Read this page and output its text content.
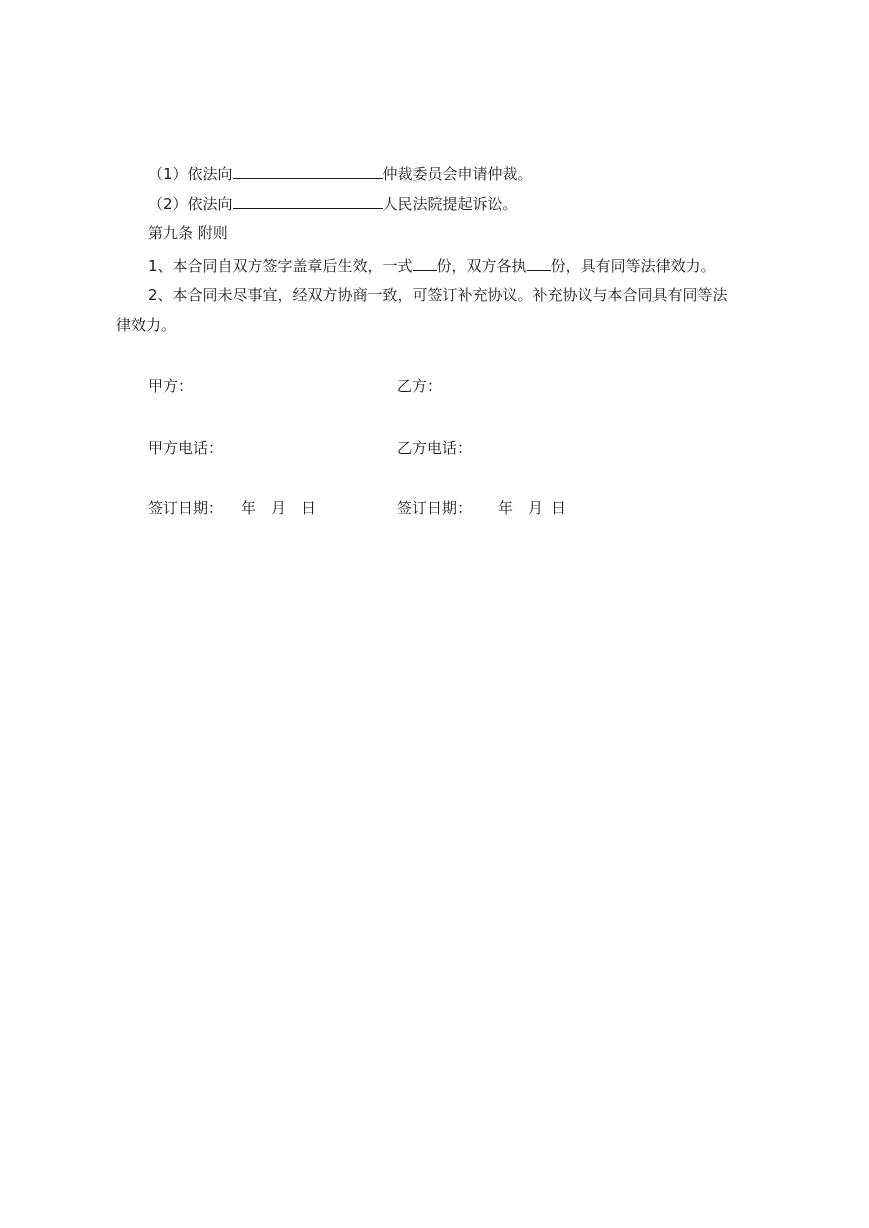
（1）依法向	仲裁委员会申请仲裁。
（2）依法向	人民法院提起诉讼。
第九条 附则
1、本合同自双方签字盖章后生效，一式 份，双方各执 份，具有同等法律效力。
2、本合同未尽事宜，经双方协商一致，可签订补充协议。补充协议与本合同具有同等法
律效力。
甲方：	乙方：
甲方电话：	乙方电话：
签订日期： 年 月 日	签订日期： 年 月 日
